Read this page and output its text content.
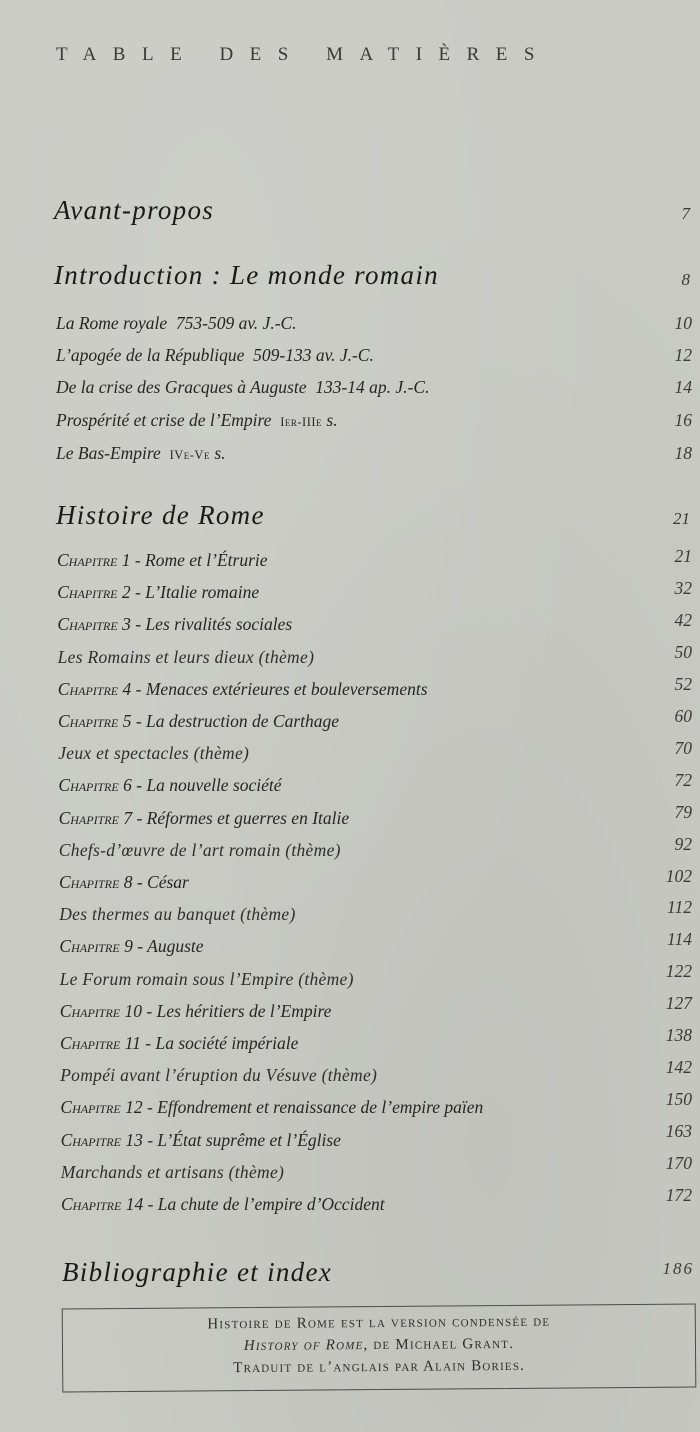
TABLE DES MATIÈRES
Avant-propos	7
Introduction : Le monde romain	8
La Rome royale  753-509 av. J.-C.	10
L’apogée de la République  509-133 av. J.-C.	12
De la crise des Gracques à Auguste  133-14 ap. J.-C.	14
Prospérité et crise de l’Empire  Ier-IIIe s.	16
Le Bas-Empire  IVe-Ve s.	18
Histoire de Rome	21
Chapitre 1 - Rome et l’Étrurie	21
Chapitre 2 - L’Italie romaine	32
Chapitre 3 - Les rivalités sociales	42
Les Romains et leurs dieux (thème)	50
Chapitre 4 - Menaces extérieures et bouleversements	52
Chapitre 5 - La destruction de Carthage	60
Jeux et spectacles (thème)	70
Chapitre 6 - La nouvelle société	72
Chapitre 7 - Réformes et guerres en Italie	79
Chefs-d’œuvre de l’art romain (thème)	92
Chapitre 8 - César	102
Des thermes au banquet (thème)	112
Chapitre 9 - Auguste	114
Le Forum romain sous l’Empire (thème)	122
Chapitre 10 - Les héritiers de l’Empire	127
Chapitre 11 - La société impériale	138
Pompéi avant l’éruption du Vésuve (thème)	142
Chapitre 12 - Effondrement et renaissance de l’empire païen	150
Chapitre 13 - L’État suprême et l’Église	163
Marchands et artisans (thème)	170
Chapitre 14 - La chute de l’empire d’Occident	172
Bibliographie et index	186
Histoire de Rome est la version condensée de
History of Rome, de Michael Grant.
Traduit de l’anglais par Alain Bories.
